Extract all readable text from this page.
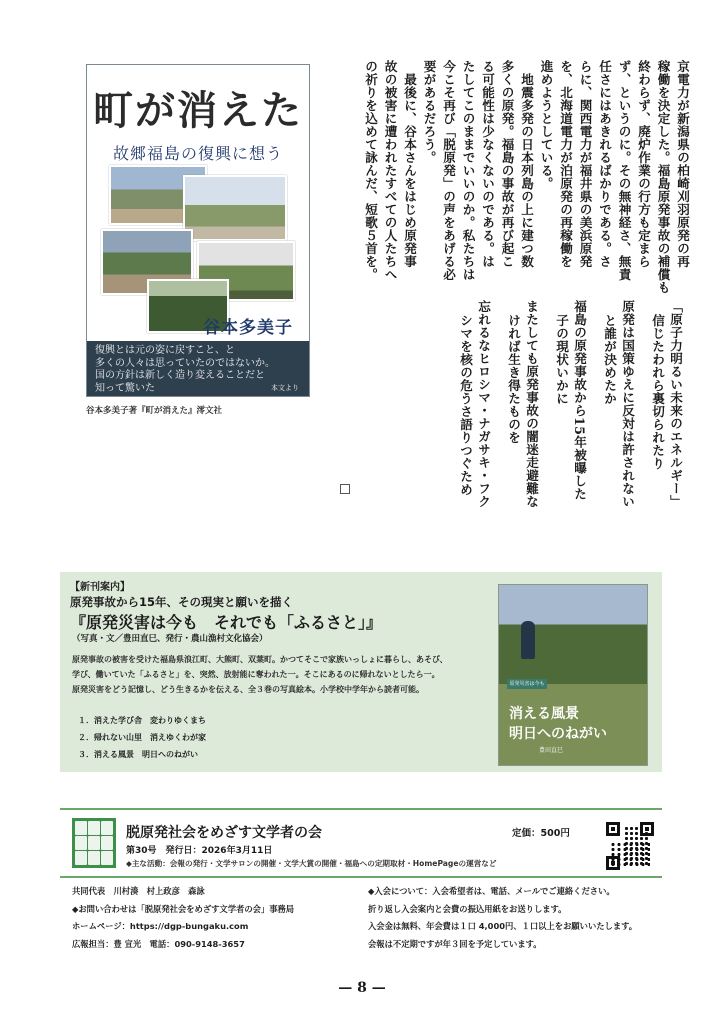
町が消えた
故郷福島の復興に想う
谷本多美子
復興とは元の姿に戻すこと、と
多くの人々は思っていたのではないか。
国の方針は新しく造り変えることだと
知って驚いた	本文より
谷本多美子著『町が消えた』澪文社
京電力が新潟県の柏崎刈羽原発の再
稼働を決定した。福島原発事故の補償も
終わらず、廃炉作業の行方も定まら
ず、というのに。その無神経さ、無責
任さにはあきれるばかりである。さ
らに、関西電力が福井県の美浜原発
を、北海道電力が泊原発の再稼働を
進めようとしている。
　地震多発の日本列島の上に建つ数
多くの原発。福島の事故が再び起こ
る可能性は少なくないのである。は
たしてこのままでいいのか。私たちは
今こそ再び「脱原発」の声をあげる必
要があるだろう。
　最後に、谷本さんをはじめ原発事
故の被害に遭われたすべての人たちへ
の祈りを込めて詠んだ、短歌５首を。
「原子力明るい未来のエネルギー」
信じたわれら裏切られたり
原発は国策ゆえに反対は許されない
と誰が決めたか
福島の原発事故から15年被曝した
子の現状いかに
またしても原発事故の闇迷走避難な
ければ生き得たものを
忘れるなヒロシマ・ナガサキ・フク
シマを核の危うさ語りつぐため
【新刊案内】
原発事故から15年、その現実と願いを描く
『原発災害は今も　それでも「ふるさと」』
（写真・文／豊田直巳、発行・農山漁村文化協会）
原発事故の被害を受けた福島県浪江町、大熊町、双葉町。かつてそこで家族いっしょに暮らし、あそび、
学び、働いていた「ふるさと」を、突然、放射能に奪われた一。そこにあるのに帰れないとしたら一。
原発災害をどう記憶し、どう生きるかを伝える、全３巻の写真絵本。小学校中学年から読者可能。
１．消えた学び舎　変わりゆくまち
２．帰れない山里　消えゆくわが家
３．消える風景　明日へのねがい
原発災害は今も
消える風景
明日へのねがい
豊田直巳
脱原発社会をめざす文学者の会	定価：500円
第30号　発行日：2026年3月11日
◆主な活動：会報の発行・文学サロンの開催・文学大賞の開催・福島への定期取材・HomePageの運営など
共同代表　川村湊　村上政彦　森詠
◆お問い合わせは「脱原発社会をめざす文学者の会」事務局
ホームページ：https://dgp-bungaku.com
広報担当：豊 宣光　電話：090-9148-3657
◆入会について：入会希望者は、電話、メールでご連絡ください。
折り返し入会案内と会費の振込用紙をお送りします。
入会金は無料、年会費は１口 4,000円、１口以上をお願いいたします。
会報は不定期ですが年３回を予定しています。
— 8 —
